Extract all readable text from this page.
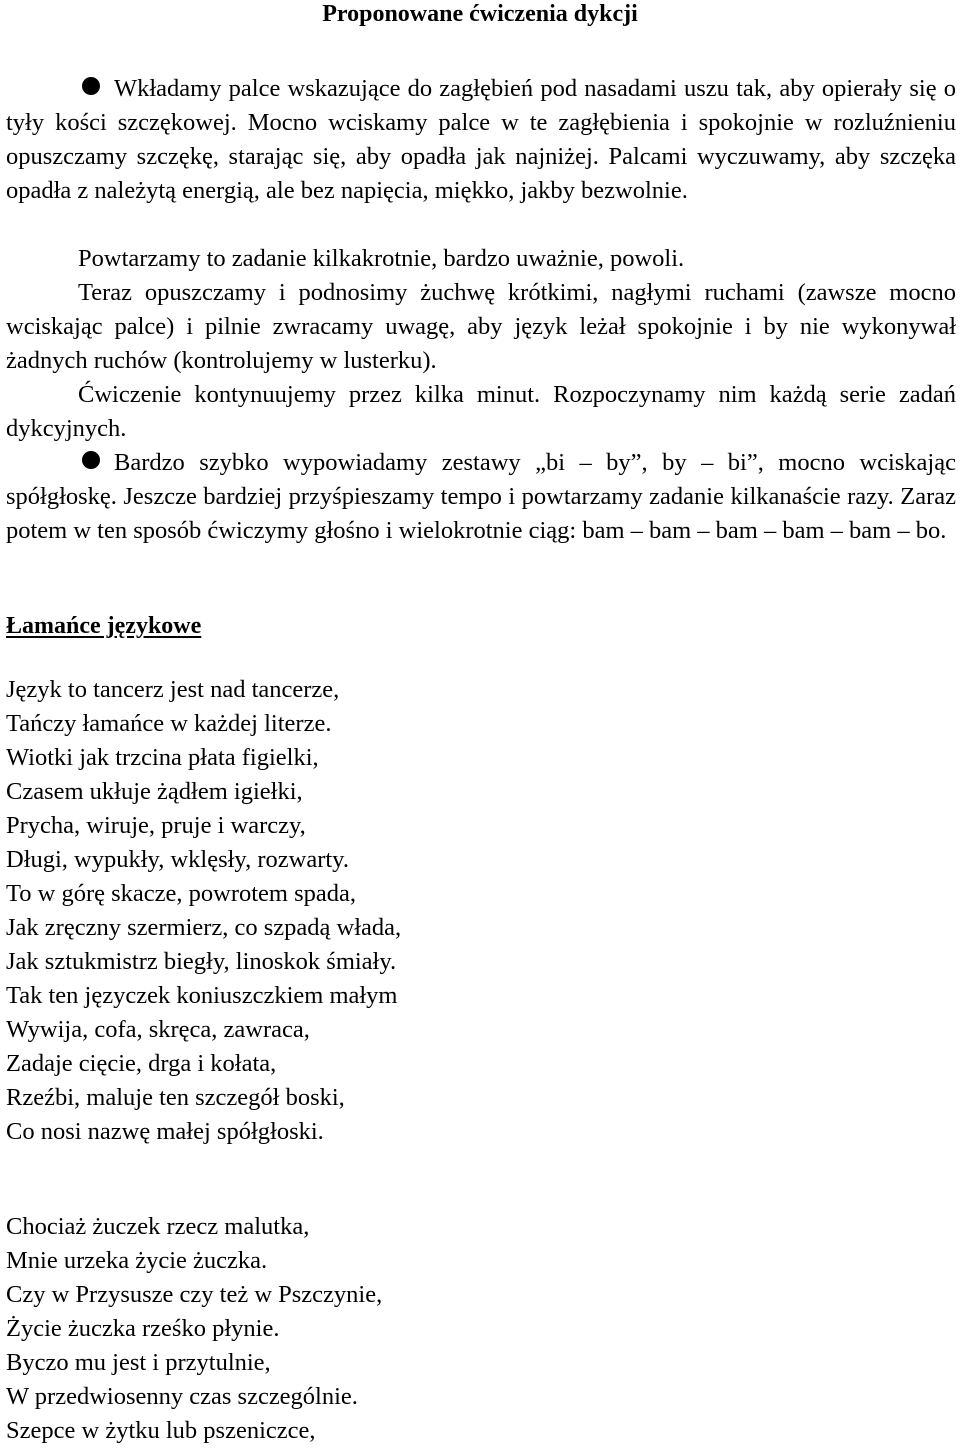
Proponowane ćwiczenia dykcji
Wkładamy palce wskazujące do zagłębień pod nasadami uszu tak, aby opierały się o tyły kości szczękowej. Mocno wciskamy palce w te zagłębienia i spokojnie w rozluźnieniu opuszczamy szczękę, starając się, aby opadła jak najniżej. Palcami wyczuwamy, aby szczęka opadła z należytą energią, ale bez napięcia, miękko, jakby bezwolnie.
Powtarzamy to zadanie kilkakrotnie, bardzo uważnie, powoli.
Teraz opuszczamy i podnosimy żuchwę krótkimi, nagłymi ruchami (zawsze mocno wciskając palce) i pilnie zwracamy uwagę, aby język leżał spokojnie i by nie wykonywał żadnych ruchów (kontrolujemy w lusterku).
Ćwiczenie kontynuujemy przez kilka minut. Rozpoczynamy nim każdą serie zadań dykcyjnych.
Bardzo szybko wypowiadamy zestawy „bi – by”, by – bi”, mocno wciskając spółgłoskę. Jeszcze bardziej przyśpieszamy tempo i powtarzamy zadanie kilkanaście razy. Zaraz potem w ten sposób ćwiczymy głośno i wielokrotnie ciąg: bam – bam – bam – bam – bam – bo.
Łamańce językowe
Język to tancerz jest nad tancerze,
Tańczy łamańce w każdej literze.
Wiotki jak trzcina płata figielki,
Czasem ukłuje żądłem igiełki,
Prycha, wiruje, pruje i warczy,
Długi, wypukły, wklęsły, rozwarty.
To w górę skacze, powrotem spada,
Jak zręczny szermierz, co szpadą włada,
Jak sztukmistrz biegły, linoskok śmiały.
Tak ten języczek koniuszczkiem małym
Wywija, cofa, skręca, zawraca,
Zadaje cięcie, drga i kołata,
Rzeźbi, maluje ten szczegół boski,
Co nosi nazwę małej spółgłoski.
Chociaż żuczek rzecz malutka,
Mnie urzeka życie żuczka.
Czy w Przysusze czy też w Pszczynie,
Życie żuczka rześko płynie.
Byczo mu jest i przytulnie,
W przedwiosenny czas szczególnie.
Szepce w żytku lub pszeniczce,
